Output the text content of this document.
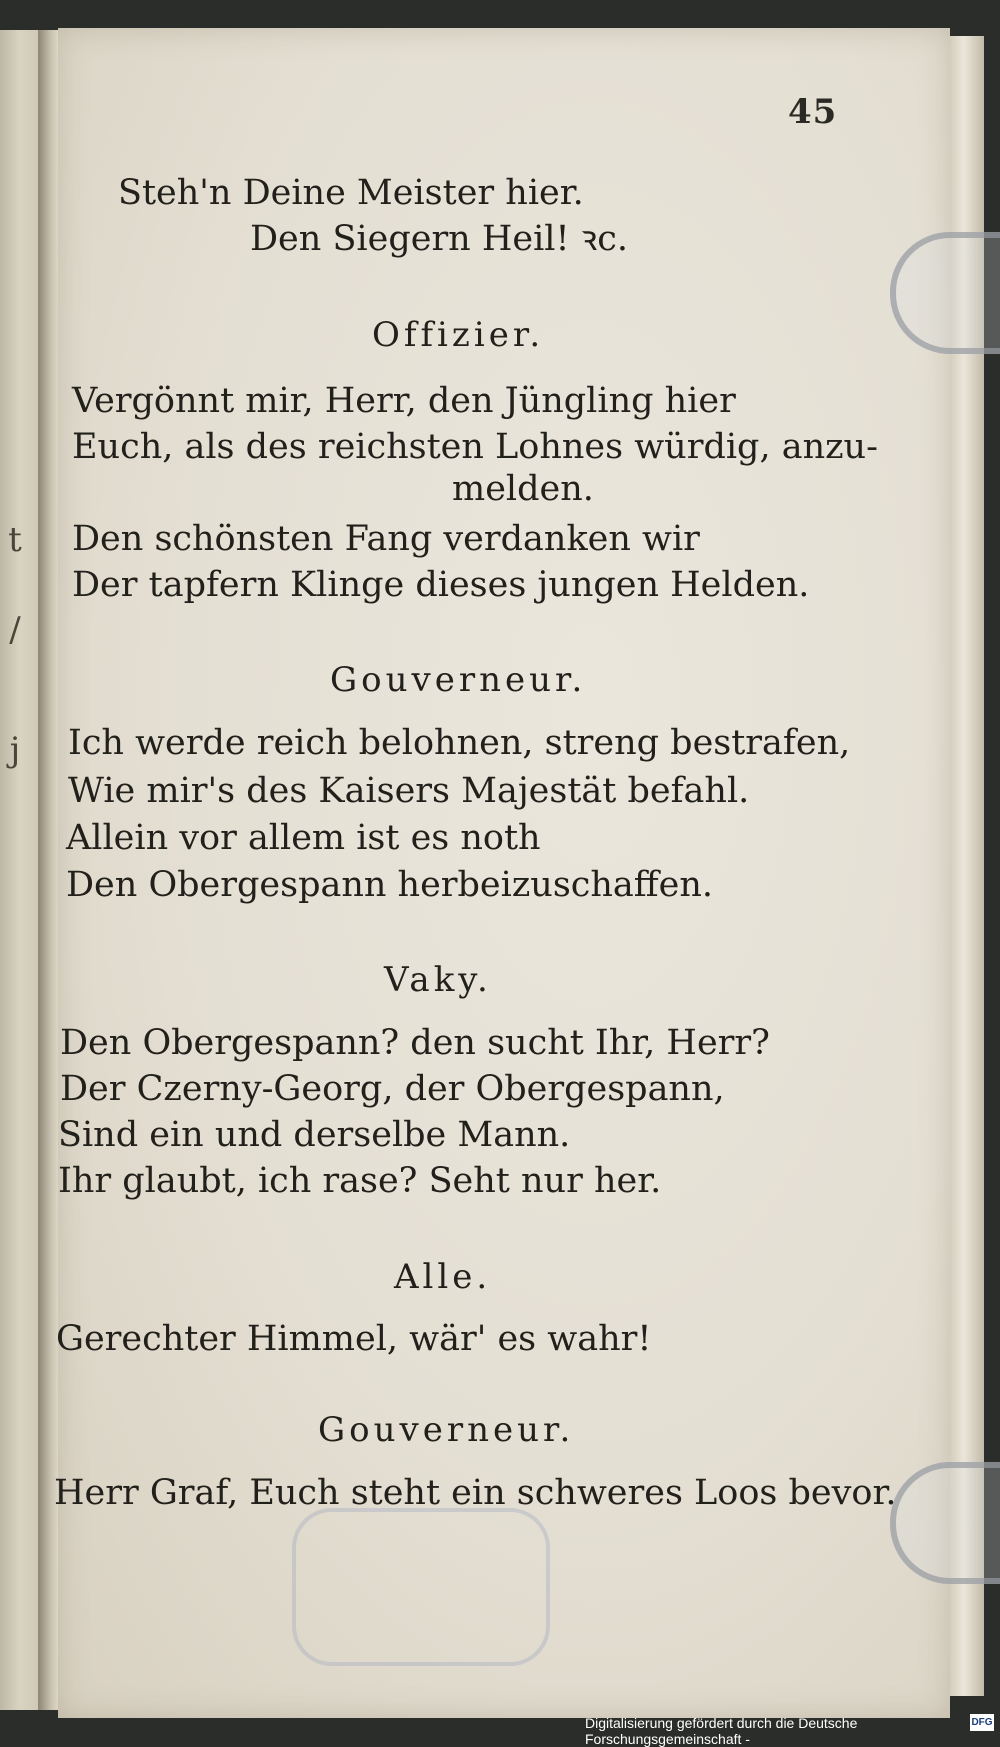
t
/
j
45
Steh'n Deine Meister hier.
Den Siegern Heil! ꝛc.
Offizier.
Vergönnt mir, Herr, den Jüngling hier
Euch, als des reichsten Lohnes würdig, anzu-
melden.
Den schönsten Fang verdanken wir
Der tapfern Klinge dieses jungen Helden.
Gouverneur.
Ich werde reich belohnen, streng bestrafen,
Wie mir's des Kaisers Majestät befahl.
Allein vor allem ist es noth
Den Obergespann herbeizuschaffen.
Vaky.
Den Obergespann? den sucht Ihr, Herr?
Der Czerny-Georg, der Obergespann,
Sind ein und derselbe Mann.
Ihr glaubt, ich rase? Seht nur her.
Alle.
Gerechter Himmel, wär' es wahr!
Gouverneur.
Herr Graf, Euch steht ein schweres Loos bevor.
Digitalisierung gefördert durch die Deutsche Forschungsgemeinschaft -
DFG
